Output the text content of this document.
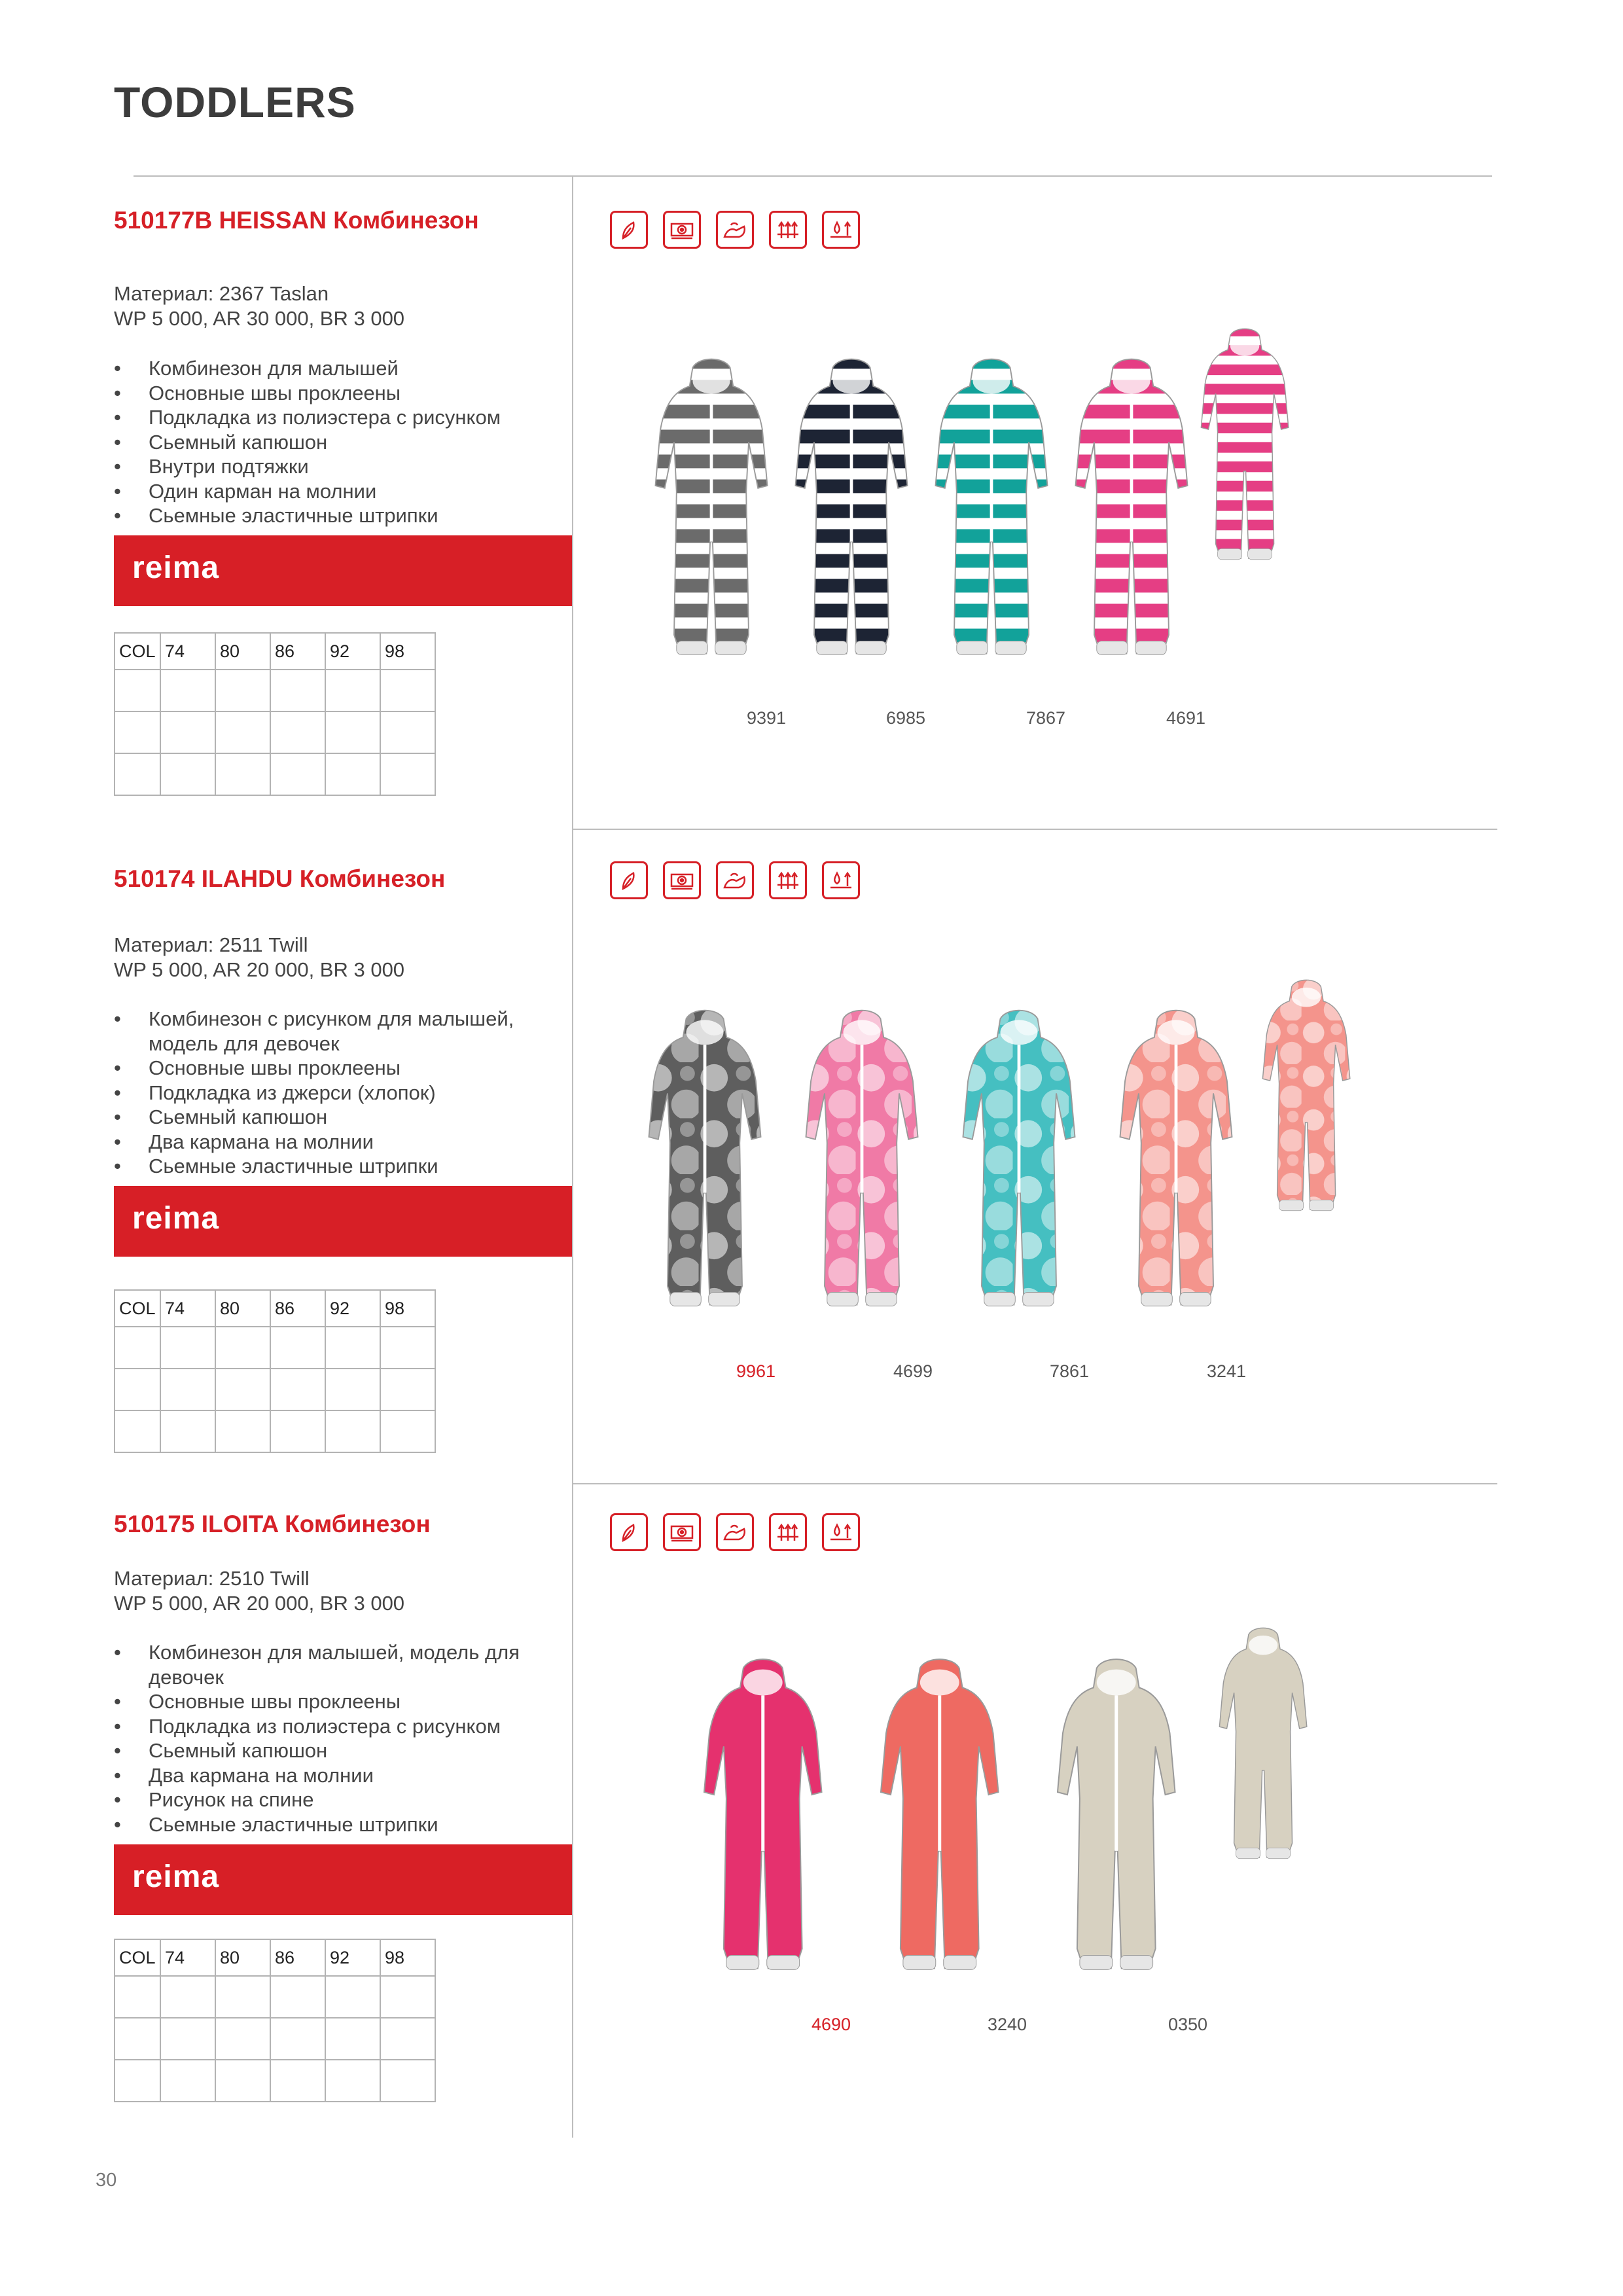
TODDLERS
510177B HEISSAN Комбинезон
Материал: 2367 Taslan
WP 5 000, AR 30 000, BR 3 000
• Комбинезон для малышей
• Основные швы проклеены
• Подкладка из полиэстера с рисунком
• Сьемный капюшон
• Внутри подтяжки
• Один карман на молнии
• Сьемные эластичные штрипки
reima
COL	74	80	86	92	98

9391	6985	7867	4691
510174 ILAHDU Комбинезон
Материал: 2511 Twill
WP 5 000, AR 20 000, BR 3 000
• Комбинезон с рисунком для малышей, модель для девочек
• Основные швы проклеены
• Подкладка из джерси (хлопок)
• Сьемный капюшон
• Два кармана на молнии
• Сьемные эластичные штрипки
reima
COL	74	80	86	92	98

9961	4699	7861	3241
510175 ILOITA Комбинезон
Материал: 2510 Twill
WP 5 000, AR 20 000, BR 3 000
• Комбинезон для малышей, модель для девочек
• Основные швы проклеены
• Подкладка из полиэстера с рисунком
• Сьемный капюшон
• Два кармана на молнии
• Рисунок на спине
• Сьемные эластичные штрипки
reima
COL	74	80	86	92	98

4690	3240	0350
30
